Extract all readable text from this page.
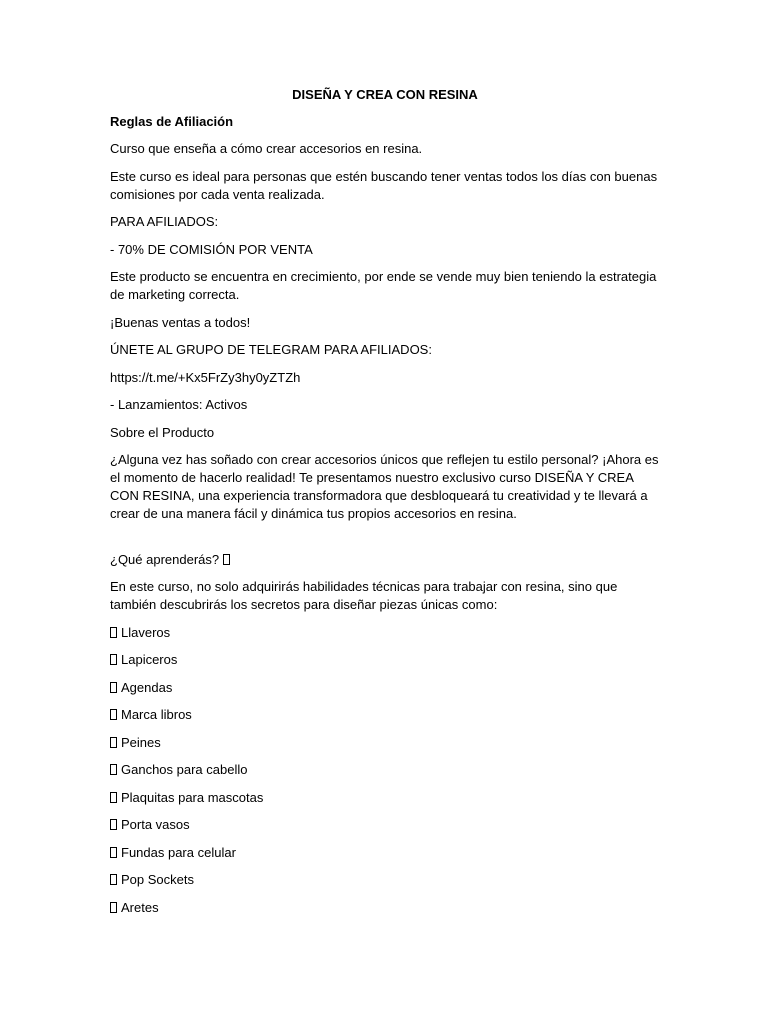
DISEÑA Y CREA CON RESINA

Reglas de Afiliación

Curso que enseña a cómo crear accesorios en resina.

Este curso es ideal para personas que estén buscando tener ventas todos los días con buenas comisiones por cada venta realizada.

PARA AFILIADOS:

- 70% DE COMISIÓN POR VENTA

Este producto se encuentra en crecimiento, por ende se vende muy bien teniendo la estrategia de marketing correcta.

¡Buenas ventas a todos!

ÚNETE AL GRUPO DE TELEGRAM PARA AFILIADOS:

https://t.me/+Kx5FrZy3hy0yZTZh

- Lanzamientos: Activos

Sobre el Producto

¿Alguna vez has soñado con crear accesorios únicos que reflejen tu estilo personal? ¡Ahora es el momento de hacerlo realidad! Te presentamos nuestro exclusivo curso DISEÑA Y CREA CON RESINA, una experiencia transformadora que desbloqueará tu creatividad y te llevará a crear de una manera fácil y dinámica tus propios accesorios en resina.

¿Qué aprenderás?

En este curso, no solo adquirirás habilidades técnicas para trabajar con resina, sino que también descubrirás los secretos para diseñar piezas únicas como:

Llaveros

Lapiceros

Agendas

Marca libros

Peines

Ganchos para cabello

Plaquitas para mascotas

Porta vasos

Fundas para celular

Pop Sockets

Aretes
